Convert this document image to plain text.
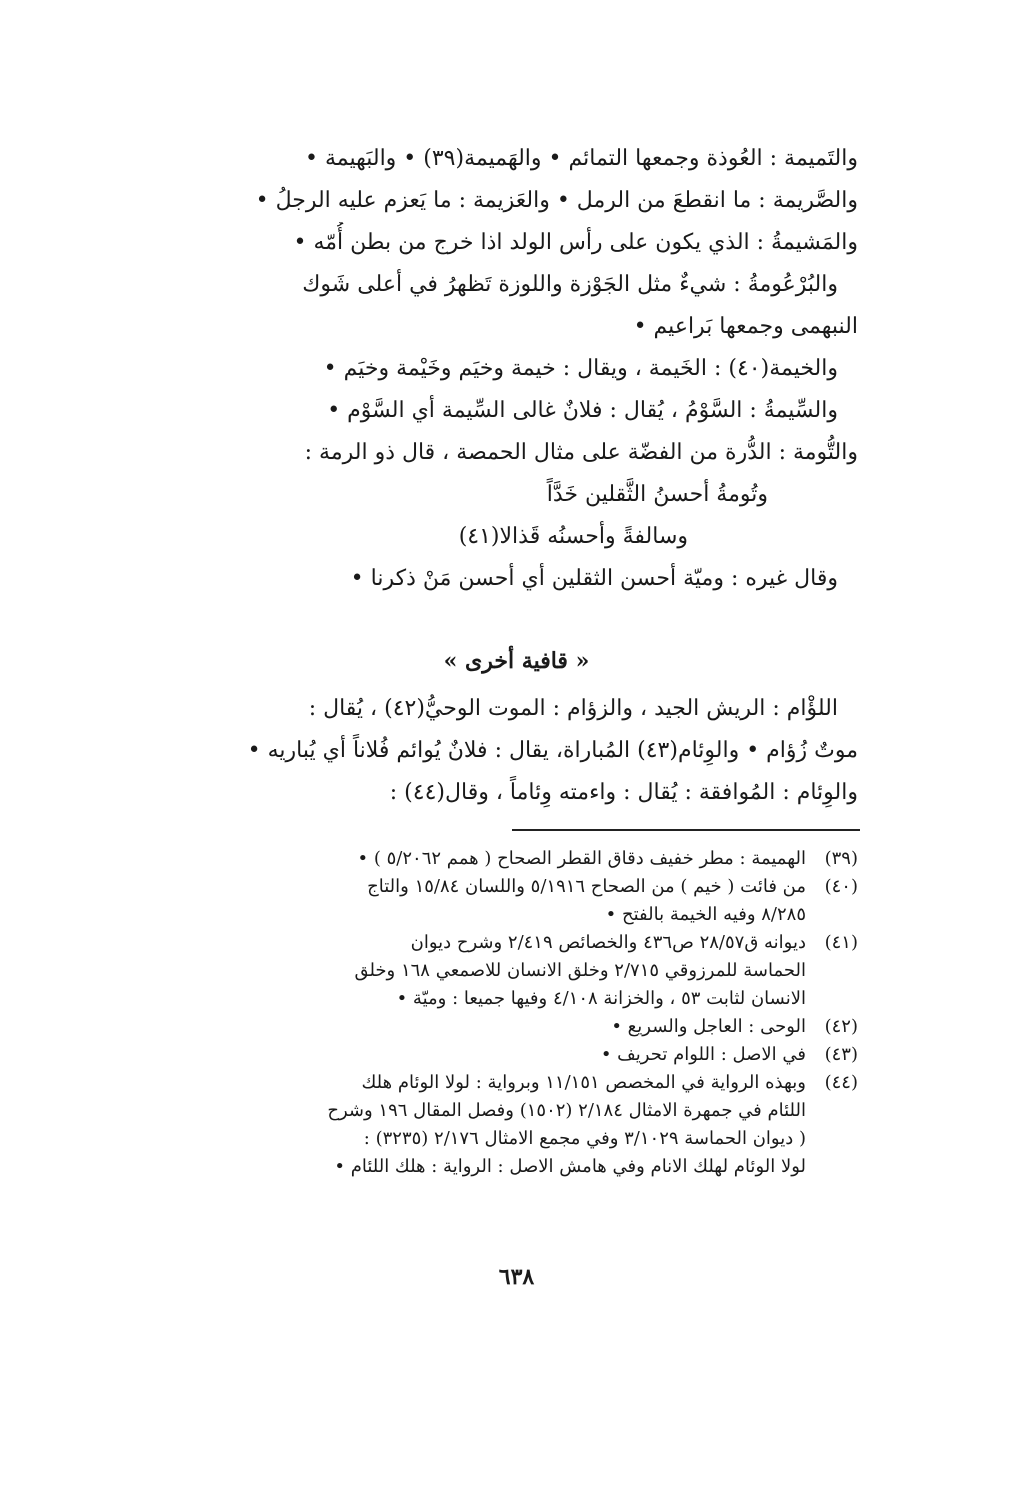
والتَميمة : العُوذة وجمعها التمائم • والهَميمة(٣٩) • والبَهيمة •
والصَّريمة : ما انقطعَ من الرمل • والعَزيمة : ما يَعزم عليه الرجلُ •
والمَشيمةُ : الذي يكون على رأس الولد اذا خرج من بطن أُمّه •
والبُرْعُومةُ : شيءٌ مثل الجَوْزة واللوزة تَظهرُ في أعلى شَوك
النبهمى وجمعها بَراعيم •
والخيمة(٤٠) : الخَيمة ، ويقال : خيمة وخيَم وخَيْمة وخيَم •
والسِّيمةُ : السَّوْمُ ، يُقال : فلانٌ غالى السِّيمة أي السَّوْم •
والتُّومة : الدُّرة من الفضّة على مثال الحمصة ، قال ذو الرمة :
وتُومةُ أحسنُ الثَّقلين خَدَّاً
وسالفةً وأحسنُه قَذالا(٤١)
وقال غيره : وميّة أحسن الثقلين أي أحسن مَنْ ذكرنا •
« قافية أخرى »
اللؤْام : الريش الجيد ، والزؤام : الموت الوحيُّ(٤٢) ، يُقال :
موتٌ زُؤام • والوِئام(٤٣) المُباراة، يقال : فلانٌ يُوائم فُلاناً أي يُباريه •
والوِئام : المُوافقة : يُقال : واءمته وِئاماً ، وقال(٤٤) :
(٣٩)
الهميمة : مطر خفيف دقاق القطر الصحاح ( همم ٥/٢٠٦٢ ) •
(٤٠)
من فائت ( خيم ) من الصحاح ٥/١٩١٦ واللسان ١٥/٨٤ والتاج
٨/٢٨٥ وفيه الخيمة بالفتح •
(٤١)
ديوانه ق٢٨/٥٧ ص٤٣٦ والخصائص ٢/٤١٩ وشرح ديوان
الحماسة للمرزوقي ٢/٧١٥ وخلق الانسان للاصمعي ١٦٨ وخلق
الانسان لثابت ٥٣ ، والخزانة ٤/١٠٨ وفيها جميعا : وميّة •
(٤٢)
الوحى : العاجل والسريع •
(٤٣)
في الاصل : اللوام تحريف •
(٤٤)
وبهذه الرواية في المخصص ١١/١٥١ وبرواية : لولا الوئام هلك
اللئام في جمهرة الامثال ٢/١٨٤ (١٥٠٢) وفصل المقال ١٩٦ وشرح
( ديوان الحماسة ٣/١٠٢٩ وفي مجمع الامثال ٢/١٧٦ (٣٢٣٥) :
لولا الوئام لهلك الانام وفي هامش الاصل : الرواية : هلك اللئام •
٦٣٨
